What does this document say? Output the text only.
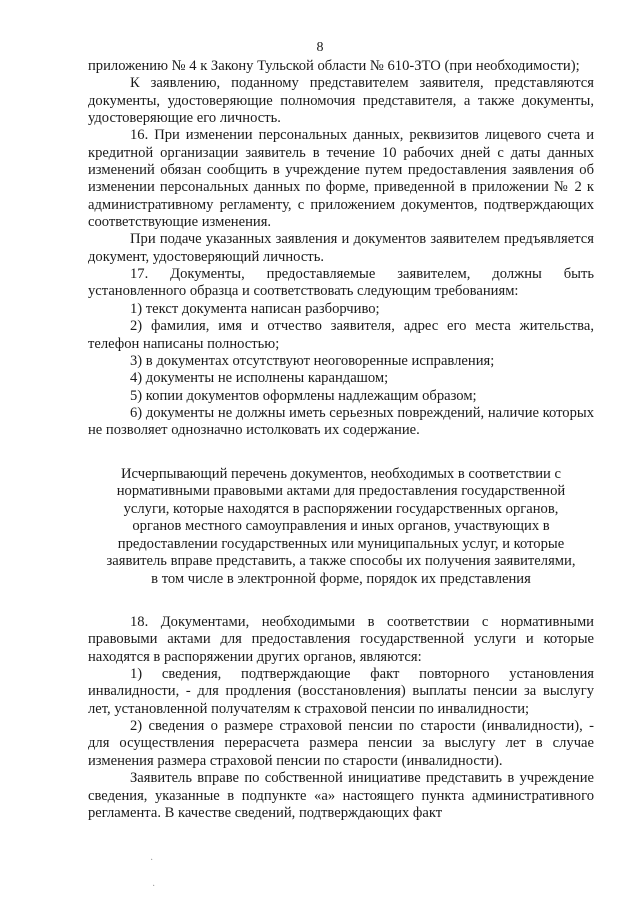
8

приложению № 4 к Закону Тульской области № 610-ЗТО (при необходимости);

К заявлению, поданному представителем заявителя, представляются документы, удостоверяющие полномочия представителя, а также документы, удостоверяющие его личность.

16. При изменении персональных данных, реквизитов лицевого счета и кредитной организации заявитель в течение 10 рабочих дней с даты данных изменений обязан сообщить в учреждение путем предоставления заявления об изменении персональных данных по форме, приведенной в приложении № 2 к административному регламенту, с приложением документов, подтверждающих соответствующие изменения.

При подаче указанных заявления и документов заявителем предъявляется документ, удостоверяющий личность.

17. Документы, предоставляемые заявителем, должны быть установленного образца и соответствовать следующим требованиям:

1) текст документа написан разборчиво;

2) фамилия, имя и отчество заявителя, адрес его места жительства, телефон написаны полностью;

3) в документах отсутствуют неоговоренные исправления;

4) документы не исполнены карандашом;

5) копии документов оформлены надлежащим образом;

6) документы не должны иметь серьезных повреждений, наличие которых не позволяет однозначно истолковать их содержание.

Исчерпывающий перечень документов, необходимых в соответствии с нормативными правовыми актами для предоставления государственной услуги, которые находятся в распоряжении государственных органов, органов местного самоуправления и иных органов, участвующих в предоставлении государственных или муниципальных услуг, и которые заявитель вправе представить, а также способы их получения заявителями, в том числе в электронной форме, порядок их представления

18. Документами, необходимыми в соответствии с нормативными правовыми актами для предоставления государственной услуги и которые находятся в распоряжении других органов, являются:

1) сведения, подтверждающие факт повторного установления инвалидности, - для продления (восстановления) выплаты пенсии за выслугу лет, установленной получателям к страховой пенсии по инвалидности;

2) сведения о размере страховой пенсии по старости (инвалидности), - для осуществления перерасчета размера пенсии за выслугу лет в случае изменения размера страховой пенсии по старости (инвалидности).

Заявитель вправе по собственной инициативе представить в учреждение сведения, указанные в подпункте «а» настоящего пункта административного регламента. В качестве сведений, подтверждающих факт

·
·
